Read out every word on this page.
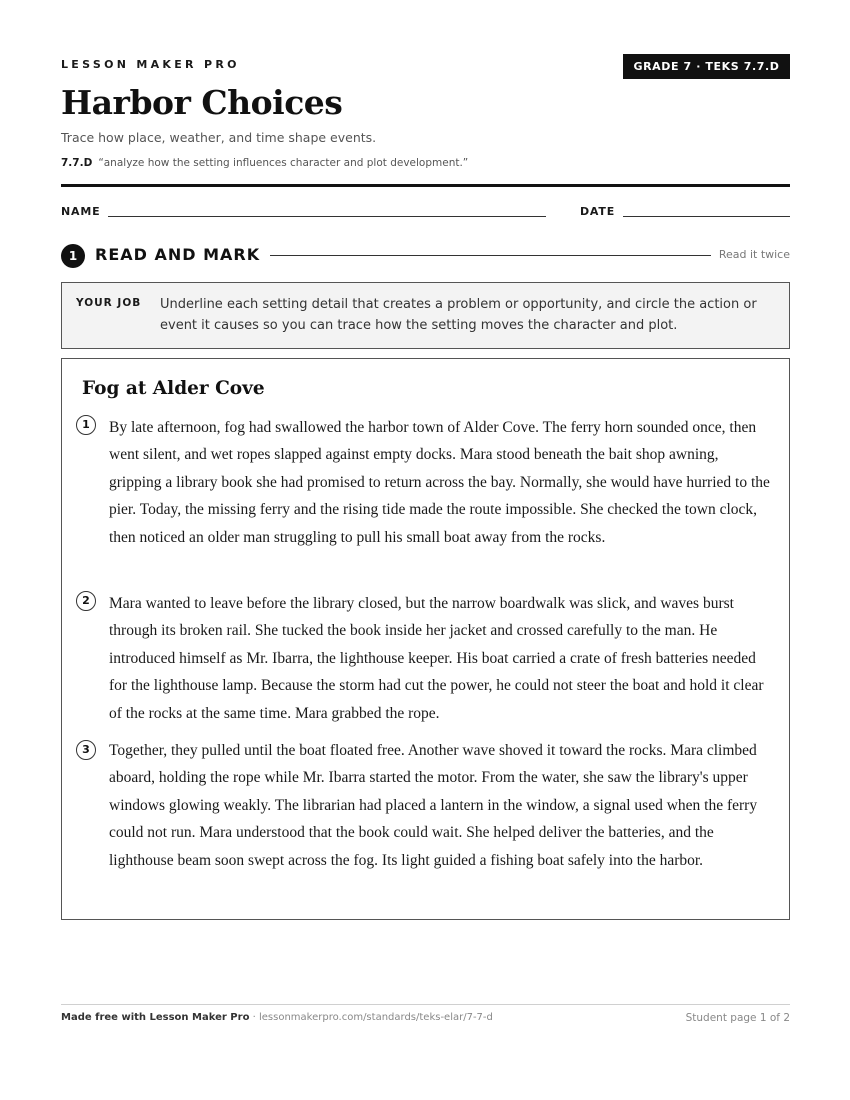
LESSON MAKER PRO	GRADE 7 · TEKS 7.7.D
Harbor Choices
Trace how place, weather, and time shape events.
7.7.D “analyze how the setting influences character and plot development.”
NAME	DATE
1	READ AND MARK	Read it twice
YOUR JOB Underline each setting detail that creates a problem or opportunity, and circle the action or event it causes so you can trace how the setting moves the character and plot.
Fog at Alder Cove
1	By late afternoon, fog had swallowed the harbor town of Alder Cove. The ferry horn sounded once, then went silent, and wet ropes slapped against empty docks. Mara stood beneath the bait shop awning, gripping a library book she had promised to return across the bay. Normally, she would have hurried to the pier. Today, the missing ferry and the rising tide made the route impossible. She checked the town clock, then noticed an older man struggling to pull his small boat away from the rocks.
2	Mara wanted to leave before the library closed, but the narrow boardwalk was slick, and waves burst through its broken rail. She tucked the book inside her jacket and crossed carefully to the man. He introduced himself as Mr. Ibarra, the lighthouse keeper. His boat carried a crate of fresh batteries needed for the lighthouse lamp. Because the storm had cut the power, he could not steer the boat and hold it clear of the rocks at the same time. Mara grabbed the rope.
3	Together, they pulled until the boat floated free. Another wave shoved it toward the rocks. Mara climbed aboard, holding the rope while Mr. Ibarra started the motor. From the water, she saw the library's upper windows glowing weakly. The librarian had placed a lantern in the window, a signal used when the ferry could not run. Mara understood that the book could wait. She helped deliver the batteries, and the lighthouse beam soon swept across the fog. Its light guided a fishing boat safely into the harbor.
Made free with Lesson Maker Pro · lessonmakerpro.com/standards/teks-elar/7-7-d	Student page 1 of 2
